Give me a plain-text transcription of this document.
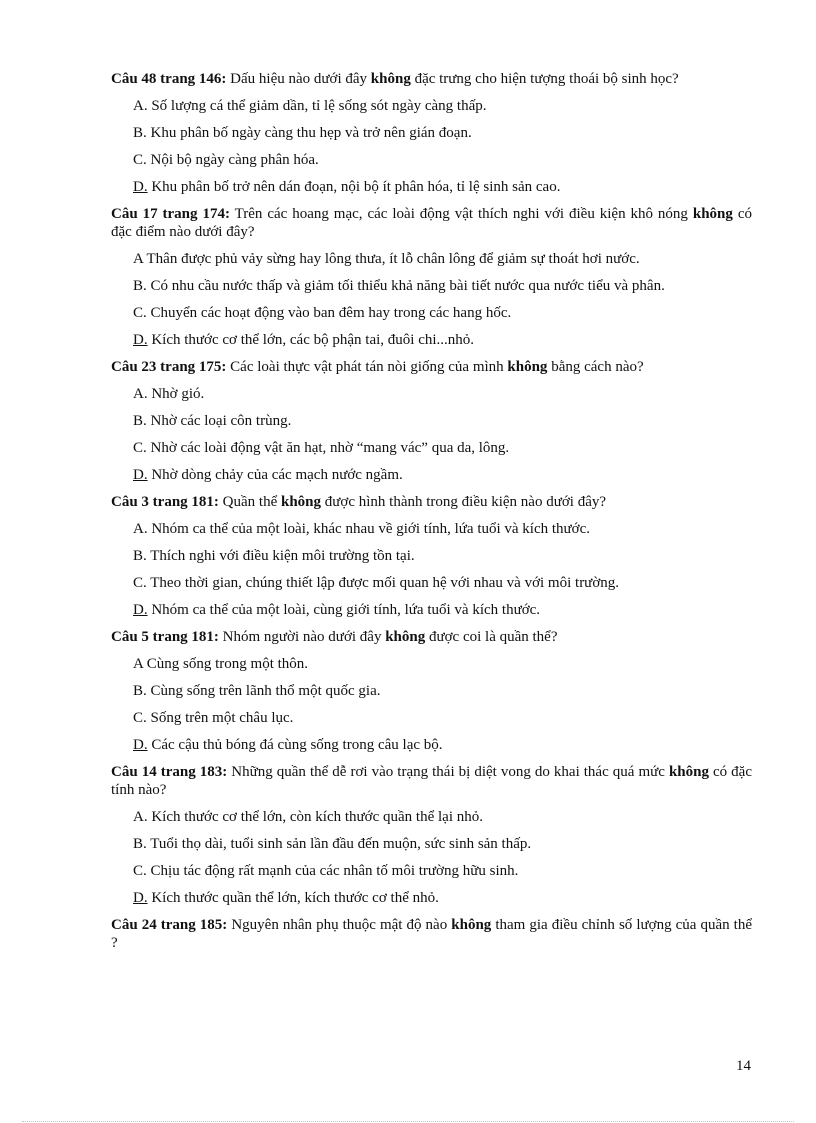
Câu 48 trang 146: Dấu hiệu nào dưới đây không đặc trưng cho hiện tượng thoái bộ sinh học?
A. Số lượng cá thể giảm dần, tỉ lệ sống sót ngày càng thấp.
B. Khu phân bố ngày càng thu hẹp và trở nên gián đoạn.
C. Nội bộ ngày càng phân hóa.
D. Khu phân bố trở nên dán đoạn, nội bộ ít phân hóa, tỉ lệ sinh sản cao.
Câu 17 trang 174: Trên các hoang mạc, các loài động vật thích nghi với điều kiện khô nóng không có đặc điểm nào dưới đây?
A Thân được phủ vảy sừng hay lông thưa, ít lỗ chân lông để giảm sự thoát hơi nước.
B. Có nhu cầu nước thấp và giảm tối thiểu khả năng bài tiết nước qua nước tiểu và phân.
C. Chuyển các hoạt động vào ban đêm hay trong các hang hốc.
D. Kích thước cơ thể lớn, các bộ phận tai, đuôi chi...nhỏ.
Câu 23 trang 175: Các loài thực vật phát tán nòi giống của mình không bằng cách nào?
A. Nhờ gió.
B. Nhờ các loại côn trùng.
C. Nhờ các loài động vật ăn hạt, nhờ “mang vác” qua da, lông.
D. Nhờ dòng chảy của các mạch nước ngầm.
Câu 3 trang 181: Quần thể không được hình thành trong điều kiện nào dưới đây?
A. Nhóm ca thể của một loài, khác nhau về giới tính, lứa tuổi và kích thước.
B. Thích nghi với điều kiện môi trường tồn tại.
C. Theo thời gian, chúng thiết lập được mối quan hệ với nhau và với môi trường.
D. Nhóm ca thể của một loài, cùng giới tính, lứa tuổi và kích thước.
Câu 5 trang 181: Nhóm người nào dưới đây không được coi là quần thể?
A Cùng sống trong một thôn.
B. Cùng sống trên lãnh thổ một quốc gia.
C. Sống trên một châu lục.
D. Các cậu thủ bóng đá cùng sống trong câu lạc bộ.
Câu 14 trang 183: Những quần thể dễ rơi vào trạng thái bị diệt vong do khai thác quá mức không có đặc tính nào?
A. Kích thước cơ thể lớn, còn kích thước quần thể lại nhỏ.
B. Tuổi thọ dài, tuổi sinh sản lần đầu đến muộn, sức sinh sản thấp.
C. Chịu tác động rất mạnh của các nhân tố môi trường hữu sinh.
D. Kích thước quần thể lớn, kích thước cơ thể nhỏ.
Câu 24 trang 185: Nguyên nhân phụ thuộc mật độ nào không tham gia điều chỉnh số lượng của quần thể ?
14
